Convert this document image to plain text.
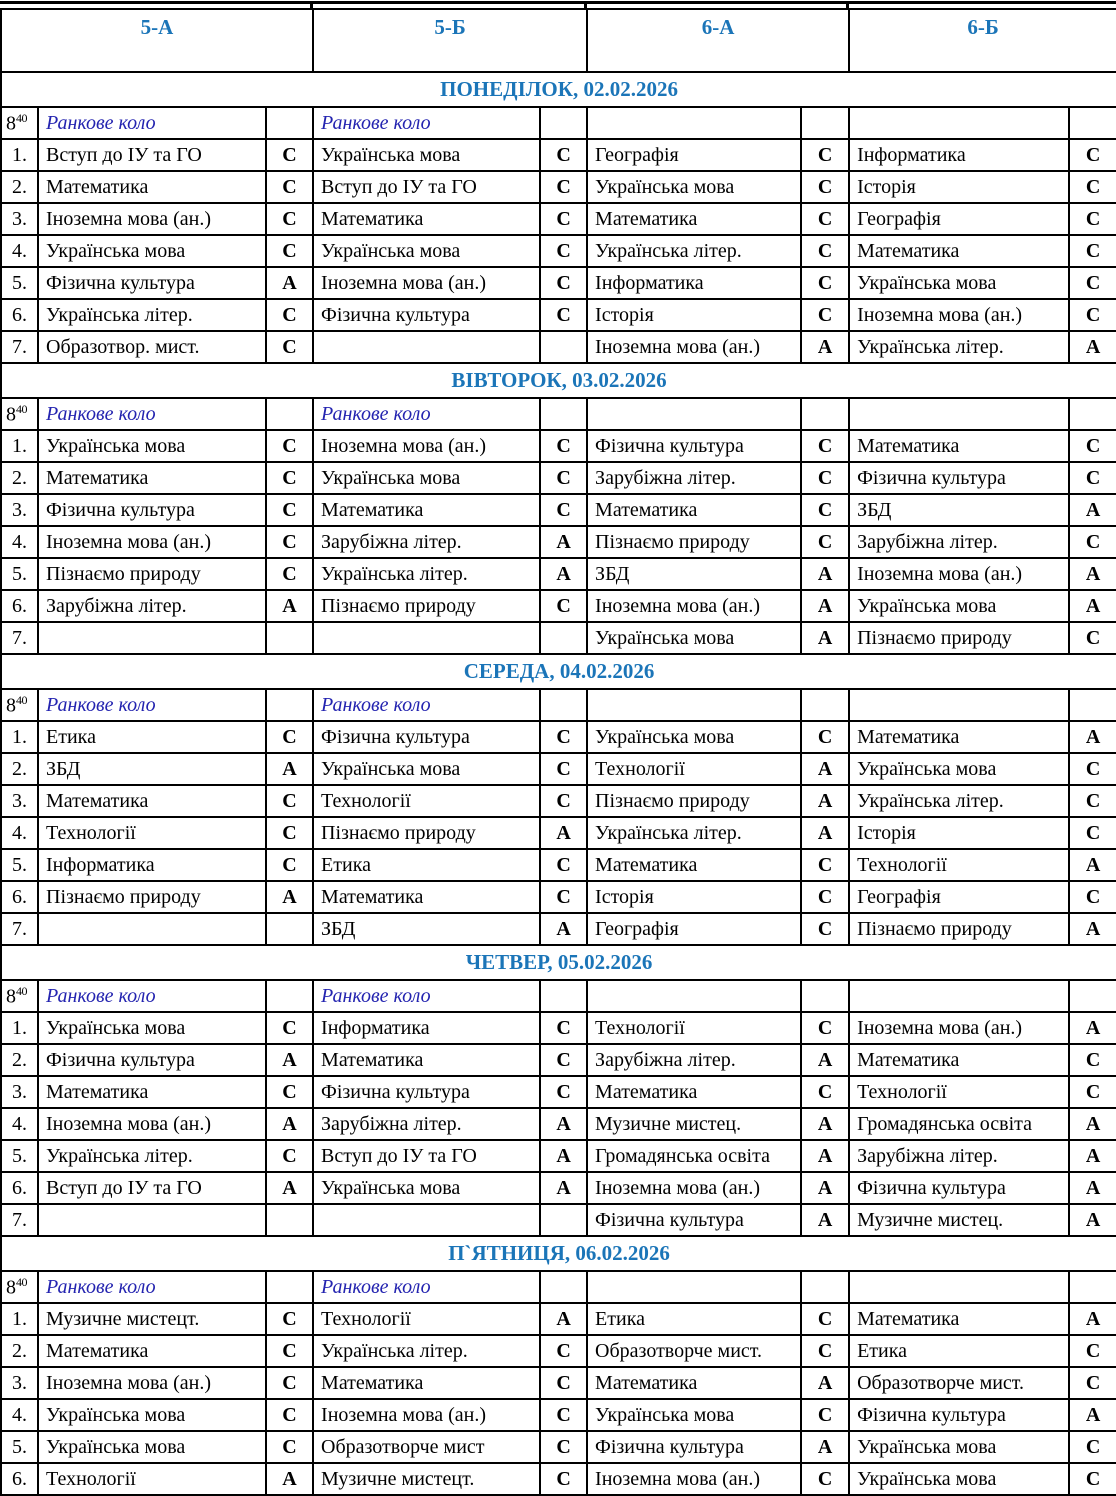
5-А			5-Б		6-А		6-Б	
ПОНЕДІЛОК, 02.02.2026								
$8^{40}$	Ранкове коло		Ранкове коло					
1.	Вступ до ІУ та ГО	С	Українська мова	С	Географія	С	Інформатика	С
2.	Математика	С	Вступ до ІУ та ГО	С	Українська мова	С	Історія	С
3.	Іноземна мова (ан.)	С	Математика	С	Математика	С	Географія	С
4.	Українська мова	С	Українська мова	С	Українська літер.	С	Математика	С
5.	Фізична культура	А	Іноземна мова (ан.)	С	Інформатика	С	Українська мова	С
6.	Українська літер.	С	Фізична культура	С	Історія	С	Іноземна мова (ан.)	С
7.	Образотвор. мист.	С			Іноземна мова (ан.)	А	Українська літер.	А
ВІВТОРОК, 03.02.2026								
$8^{40}$	Ранкове коло		Ранкове коло					
1.	Українська мова	С	Іноземна мова (ан.)	С	Фізична культура	С	Математика	С
2.	Математика	С	Українська мова	С	Зарубіжна літер.	С	Фізична культура	С
3.	Фізична культура	С	Математика	С	Математика	С	ЗБД	А
4.	Іноземна мова (ан.)	С	Зарубіжна літер.	А	Пізнаємо природу	С	Зарубіжна літер.	С
5.	Пізнаємо природу	С	Українська літер.	А	ЗБД	А	Іноземна мова (ан.)	А
6.	Зарубіжна літер.	А	Пізнаємо природу	С	Іноземна мова (ан.)	А	Українська мова	А
7.					Українська мова	А	Пізнаємо природу	С
СЕРЕДА, 04.02.2026								
$8^{40}$	Ранкове коло		Ранкове коло					
1.	Етика	С	Фізична культура	С	Українська мова	С	Математика	А
2.	ЗБД	А	Українська мова	С	Технології	А	Українська мова	С
3.	Математика	С	Технології	С	Пізнаємо природу	А	Українська літер.	С
4.	Технології	С	Пізнаємо природу	А	Українська літер.	А	Історія	С
5.	Інформатика	С	Етика	С	Математика	С	Технології	А
6.	Пізнаємо природу	А	Математика	С	Історія	С	Географія	С
7.			ЗБД	А	Географія	С	Пізнаємо природу	А
ЧЕТВЕР, 05.02.2026								
$8^{40}$	Ранкове коло		Ранкове коло					
1.	Українська мова	С	Інформатика	С	Технології	С	Іноземна мова (ан.)	А
2.	Фізична культура	А	Математика	С	Зарубіжна літер.	А	Математика	С
3.	Математика	С	Фізична культура	С	Математика	С	Технології	С
4.	Іноземна мова (ан.)	А	Зарубіжна літер.	А	Музичне мистец.	А	Громадянська освіта	А
5.	Українська літер.	С	Вступ до ІУ та ГО	А	Громадянська освіта	А	Зарубіжна літер.	А
6.	Вступ до ІУ та ГО	А	Українська мова	А	Іноземна мова (ан.)	А	Фізична культура	А
7.					Фізична культура	А	Музичне мистец.	А
П`ЯТНИЦЯ, 06.02.2026								
$8^{40}$	Ранкове коло		Ранкове коло					
1.	Музичне мистецт.	С	Технології	А	Етика	С	Математика	А
2.	Математика	С	Українська літер.	С	Образотворче мист.	С	Етика	С
3.	Іноземна мова (ан.)	С	Математика	С	Математика	А	Образотворче мист.	С
4.	Українська мова	С	Іноземна мова (ан.)	С	Українська мова	С	Фізична культура	А
5.	Українська мова	С	Образотворче мист	С	Фізична культура	А	Українська мова	С
6.	Технології	А	Музичне мистецт.	С	Іноземна мова (ан.)	С	Українська мова	С
